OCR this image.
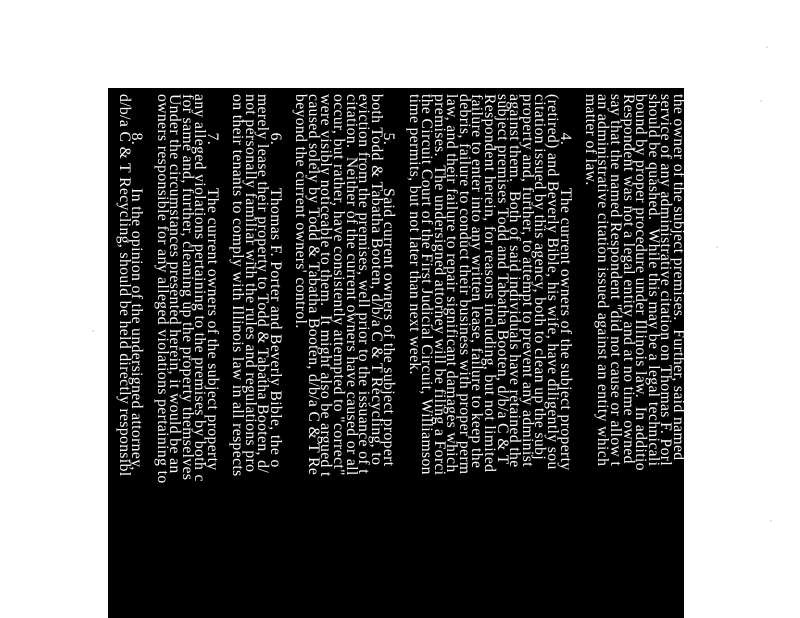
the owner of the subject premises.  Further, said named
service of any administrative citation on Thomas F. Porl
should be quashed.  While this may be a legal technicali
bound by proper procedure under Illinois law.  In additio
Respondent was not a legal entity and at no time owned
say that the named Respondent "did not cause or allow t
an administrative citation issued against an entity which
matter of law.
4.          The current owners of the subject property
(retired) and Beverly Bible, his wife, have diligently sou
citation issued by this agency, both to clean up the subj
property and, further, to attempt to prevent any administ
against them.  Both of said individuals have retained the
subject premises Todd and Tabatha Booten, d/b/a C & T
Respondent herein, for reasons including, but not limited
failure to enter into any written lease, failure to keep the
debris, failure to conduct their business with proper perm
law, and their failure to repair significant damages which
premises.  The undersigned attorney will be filing a Forci
the Circuit Court of the First Judicial Circuit, Williamson
time permits, but not later than next week.
5.          Said current owners of the subject propert
both Todd & Tabatha Booten, d/b/a C & T Recycling, to
eviction from the premises, well prior to the issuance of t
citation.  Neither of the current owners have caused or all
occur, but rather, have consistently attempted to "correct"
were visibly noticeable to them.  It might also be argued t
caused solely by Todd & Tabatha Booten, d/b/a C & T Re
beyond the current owners' control.
6.          Thomas F. Porter and Beverly Bible, the o
merely lease their property to Todd & Tabatha Booten, d/
not personally familiar with the rules and regulations pro
on their tenants to comply with Illinois law in all respects
7.          The current owners of the subject property
any alleged violations pertaining to the premises by both c
for same and, further, cleaning up the property themselves
Under the circumstances presented herein, it would be an
owners responsible for any alleged violations pertaining to
8.          In the opinion of the undersigned attorney,
d/b/a C & T Recycling, should be held directly responsibl
